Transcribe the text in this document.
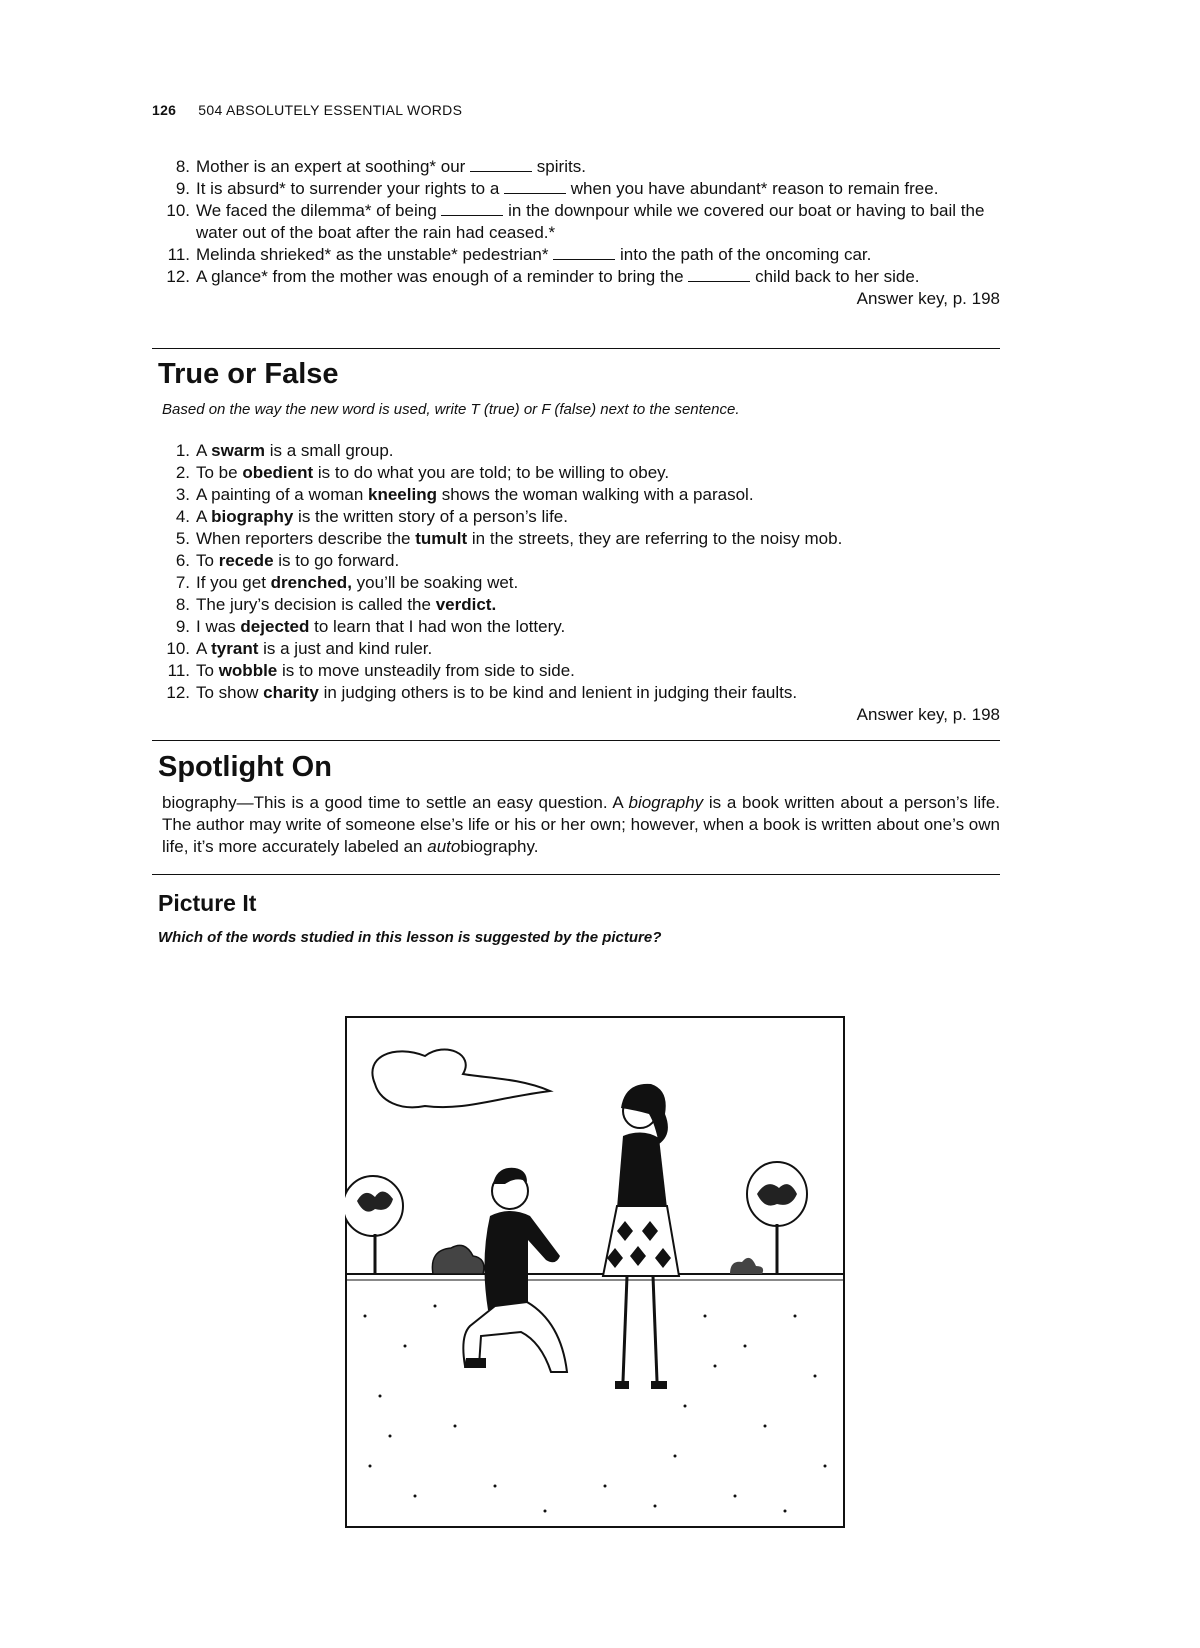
126 504 ABSOLUTELY ESSENTIAL WORDS
8. Mother is an expert at soothing* our	spirits.
9. It is absurd* to surrender your rights to a	when you have abundant* reason to remain free.
10. We faced the dilemma* of being	in the downpour while we covered our boat or having to bail the water out of the boat after the rain had ceased.*
11. Melinda shrieked* as the unstable* pedestrian*	into the path of the oncoming car.
12. A glance* from the mother was enough of a reminder to bring the	child back to her side.
Answer key, p. 198
True or False
Based on the way the new word is used, write T (true) or F (false) next to the sentence.
1. A swarm is a small group.
2. To be obedient is to do what you are told; to be willing to obey.
3. A painting of a woman kneeling shows the woman walking with a parasol.
4. A biography is the written story of a person’s life.
5. When reporters describe the tumult in the streets, they are referring to the noisy mob.
6. To recede is to go forward.
7. If you get drenched, you’ll be soaking wet.
8. The jury’s decision is called the verdict.
9. I was dejected to learn that I had won the lottery.
10. A tyrant is a just and kind ruler.
11. To wobble is to move unsteadily from side to side.
12. To show charity in judging others is to be kind and lenient in judging their faults.
Answer key, p. 198
Spotlight On
biography—This is a good time to settle an easy question. A biography is a book written about a person’s life. The author may write of someone else’s life or his or her own; however, when a book is written about one’s own life, it’s more accurately labeled an autobiography.
Picture It
Which of the words studied in this lesson is suggested by the picture?
